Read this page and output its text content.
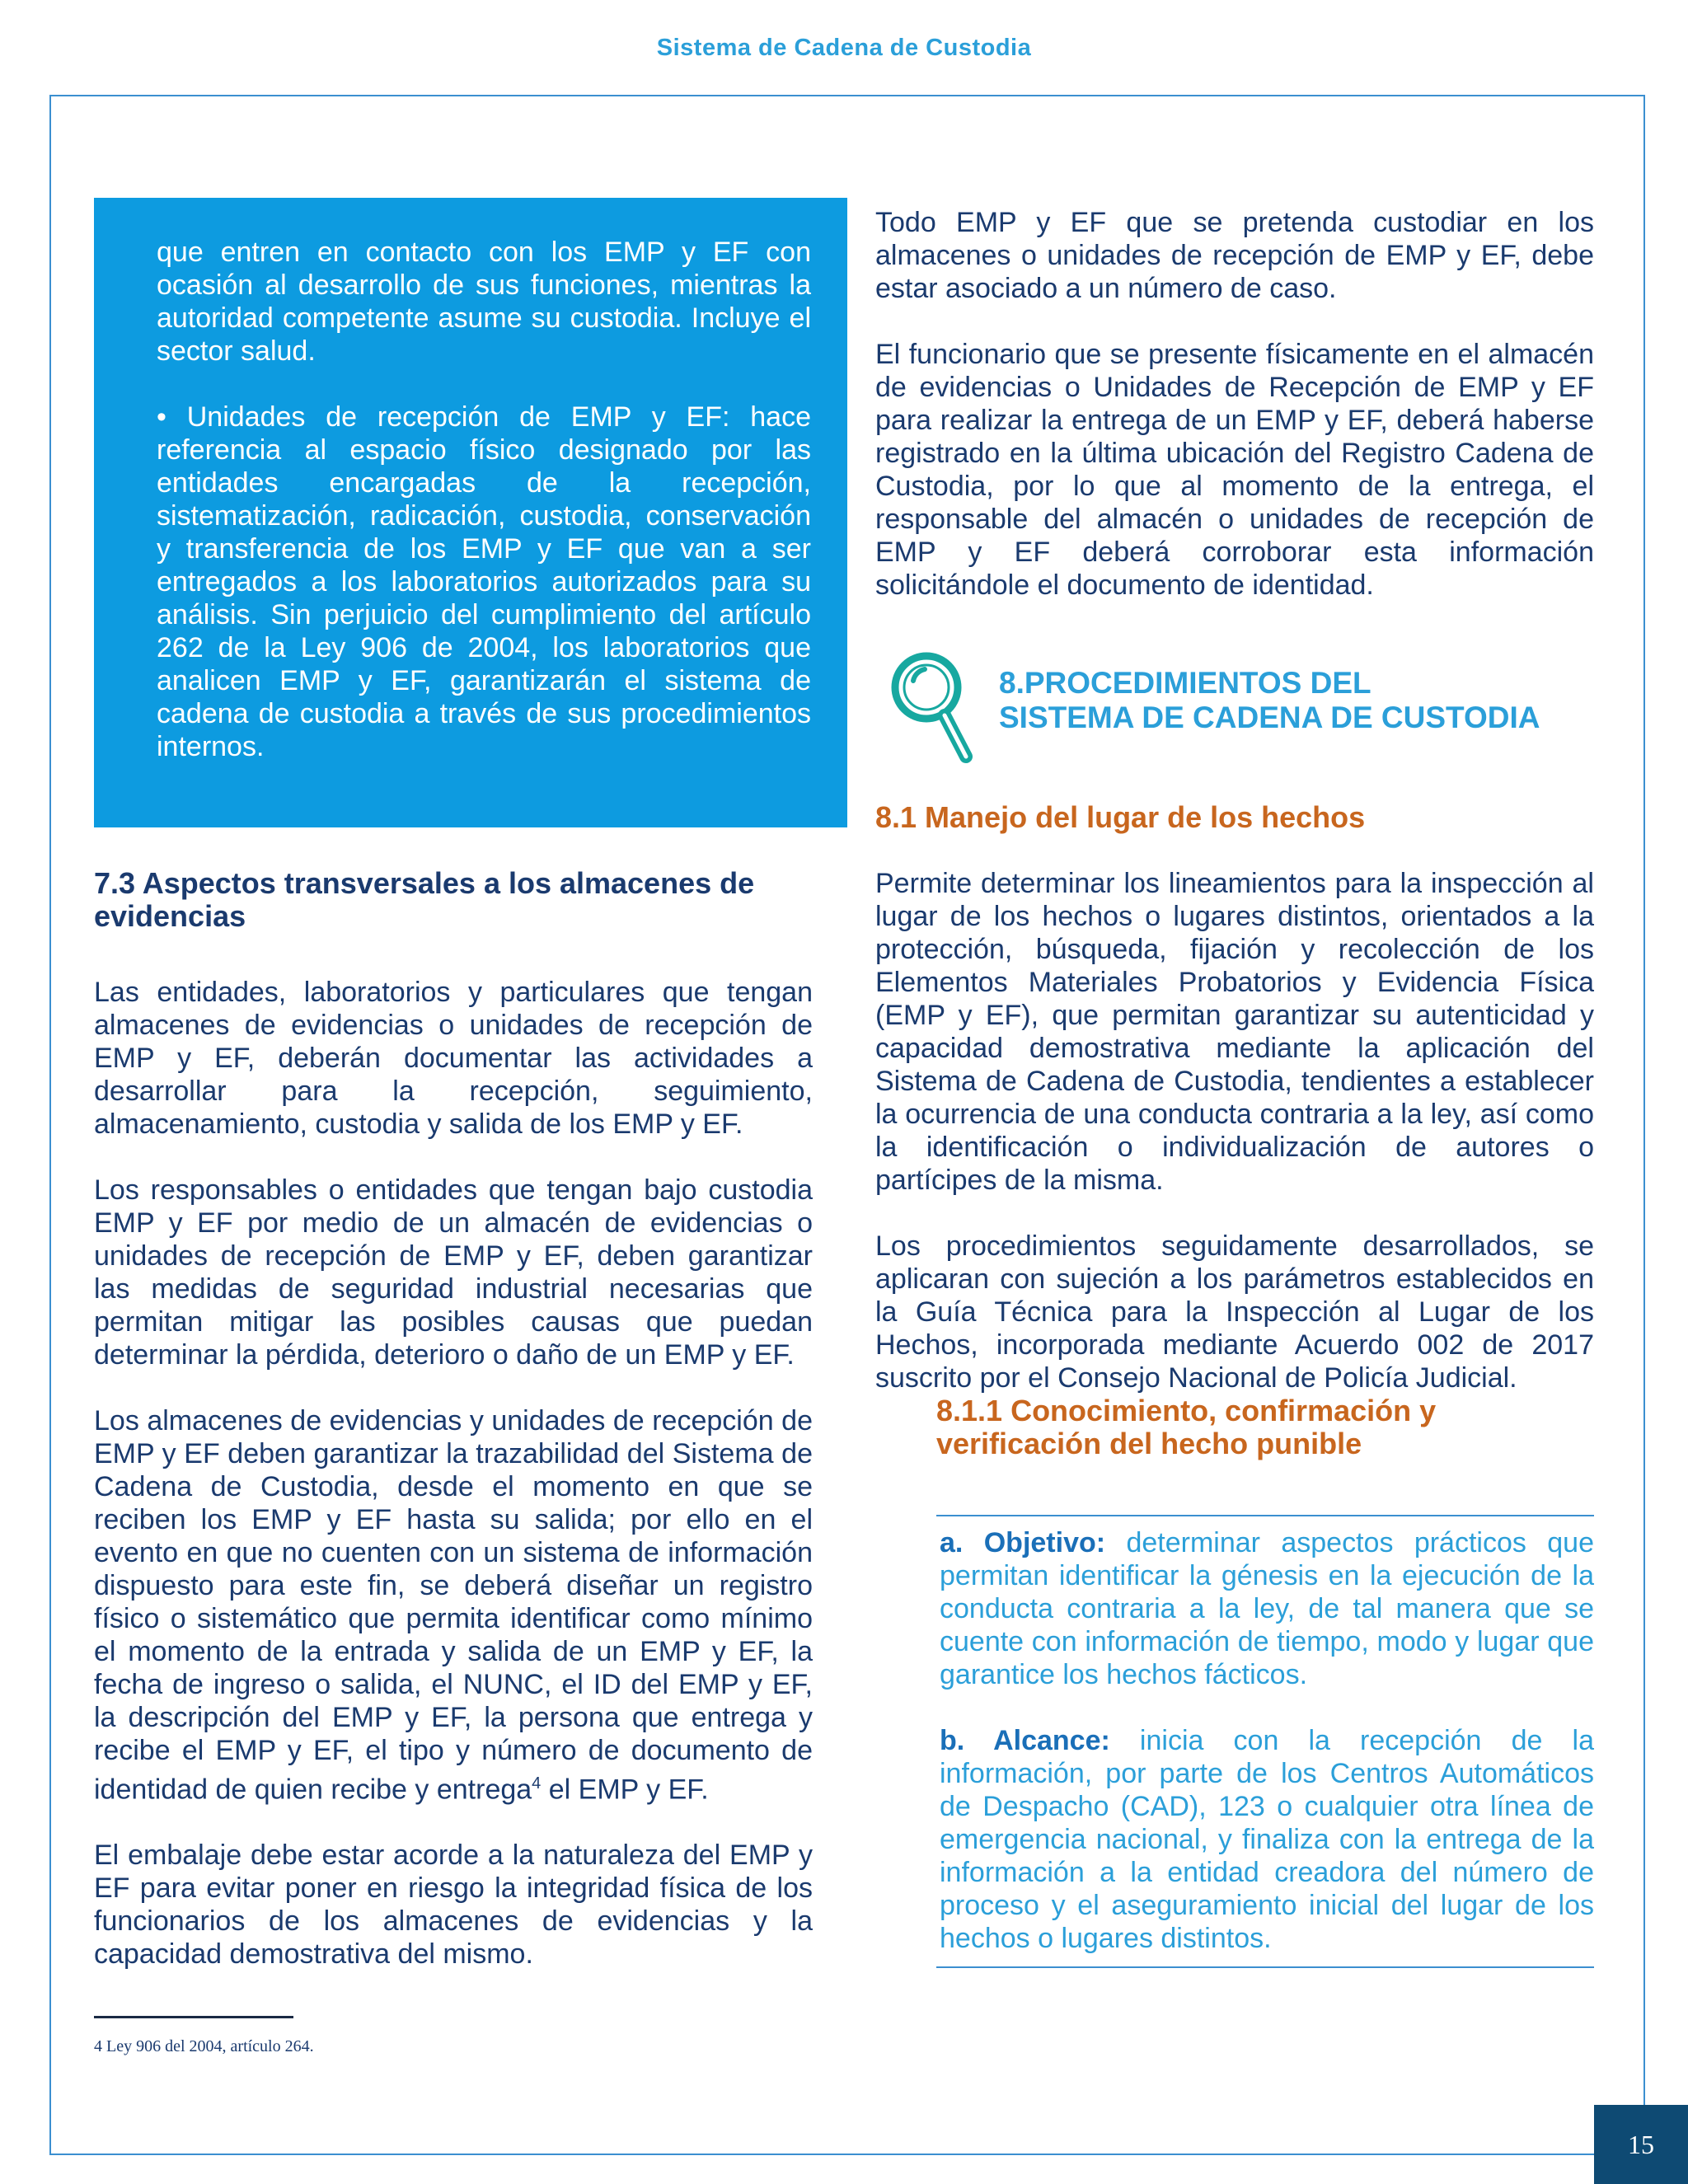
Sistema de Cadena de Custodia

que entren en contacto con los EMP y EF con ocasión al desarrollo de sus funciones, mientras la autoridad competente asume su custodia. Incluye el sector salud.

• Unidades de recepción de EMP y EF: hace referencia al espacio físico designado por las entidades encargadas de la recepción, sistematización, radicación, custodia, conservación y transferencia de los EMP y EF que van a ser entregados a los laboratorios autorizados para su análisis. Sin perjuicio del cumplimiento del artículo 262 de la Ley 906 de 2004, los laboratorios que analicen EMP y EF, garantizarán el sistema de cadena de custodia a través de sus procedimientos internos.

7.3 Aspectos transversales a los almacenes de evidencias

Las entidades, laboratorios y particulares que tengan almacenes de evidencias o unidades de recepción de EMP y EF, deberán documentar las actividades a desarrollar para la recepción, seguimiento, almacenamiento, custodia y salida de los EMP y EF.

Los responsables o entidades que tengan bajo custodia EMP y EF por medio de un almacén de evidencias o unidades de recepción de EMP y EF, deben garantizar las medidas de seguridad industrial necesarias que permitan mitigar las posibles causas que puedan determinar la pérdida, deterioro o daño de un EMP y EF.

Los almacenes de evidencias y unidades de recepción de EMP y EF deben garantizar la trazabilidad del Sistema de Cadena de Custodia, desde el momento en que se reciben los EMP y EF hasta su salida; por ello en el evento en que no cuenten con un sistema de información dispuesto para este fin, se deberá diseñar un registro físico o sistemático que permita identificar como mínimo el momento de la entrada y salida de un EMP y EF, la fecha de ingreso o salida, el NUNC, el ID del EMP y EF, la descripción del EMP y EF, la persona que entrega y recibe el EMP y EF, el tipo y número de documento de identidad de quien recibe y entrega$^4$ el EMP y EF.

El embalaje debe estar acorde a la naturaleza del EMP y EF para evitar poner en riesgo la integridad física de los funcionarios de los almacenes de evidencias y la capacidad demostrativa del mismo.

Todo EMP y EF que se pretenda custodiar en los almacenes o unidades de recepción de EMP y EF, debe estar asociado a un número de caso.

El funcionario que se presente físicamente en el almacén de evidencias o Unidades de Recepción de EMP y EF para realizar la entrega de un EMP y EF, deberá haberse registrado en la última ubicación del Registro Cadena de Custodia, por lo que al momento de la entrega, el responsable del almacén o unidades de recepción de EMP y EF deberá corroborar esta información solicitándole el documento de identidad.

8.PROCEDIMIENTOS DEL
SISTEMA DE CADENA DE CUSTODIA
8.1 Manejo del lugar de los hechos

Permite determinar los lineamientos para la inspección al lugar de los hechos o lugares distintos, orientados a la protección, búsqueda, fijación y recolección de los Elementos Materiales Probatorios y Evidencia Física (EMP y EF), que permitan garantizar su autenticidad y capacidad demostrativa mediante la aplicación del Sistema de Cadena de Custodia, tendientes a establecer la ocurrencia de una conducta contraria a la ley, así como la identificación o individualización de autores o partícipes de la misma.

Los procedimientos seguidamente desarrollados, se aplicaran con sujeción a los parámetros establecidos en la Guía Técnica para la Inspección al Lugar de los Hechos, incorporada mediante Acuerdo 002 de 2017 suscrito por el Consejo Nacional de Policía Judicial.

8.1.1 Conocimiento, confirmación y verificación del hecho punible

a. Objetivo: determinar aspectos prácticos que permitan identificar la génesis en la ejecución de la conducta contraria a la ley, de tal manera que se cuente con información de tiempo, modo y lugar que garantice los hechos fácticos.

b. Alcance: inicia con la recepción de la información, por parte de los Centros Automáticos de Despacho (CAD), 123 o cualquier otra línea de emergencia nacional, y finaliza con la entrega de la información a la entidad creadora del número de proceso y el aseguramiento inicial del lugar de los hechos o lugares distintos.

4 Ley 906 del 2004, artículo 264.
15
